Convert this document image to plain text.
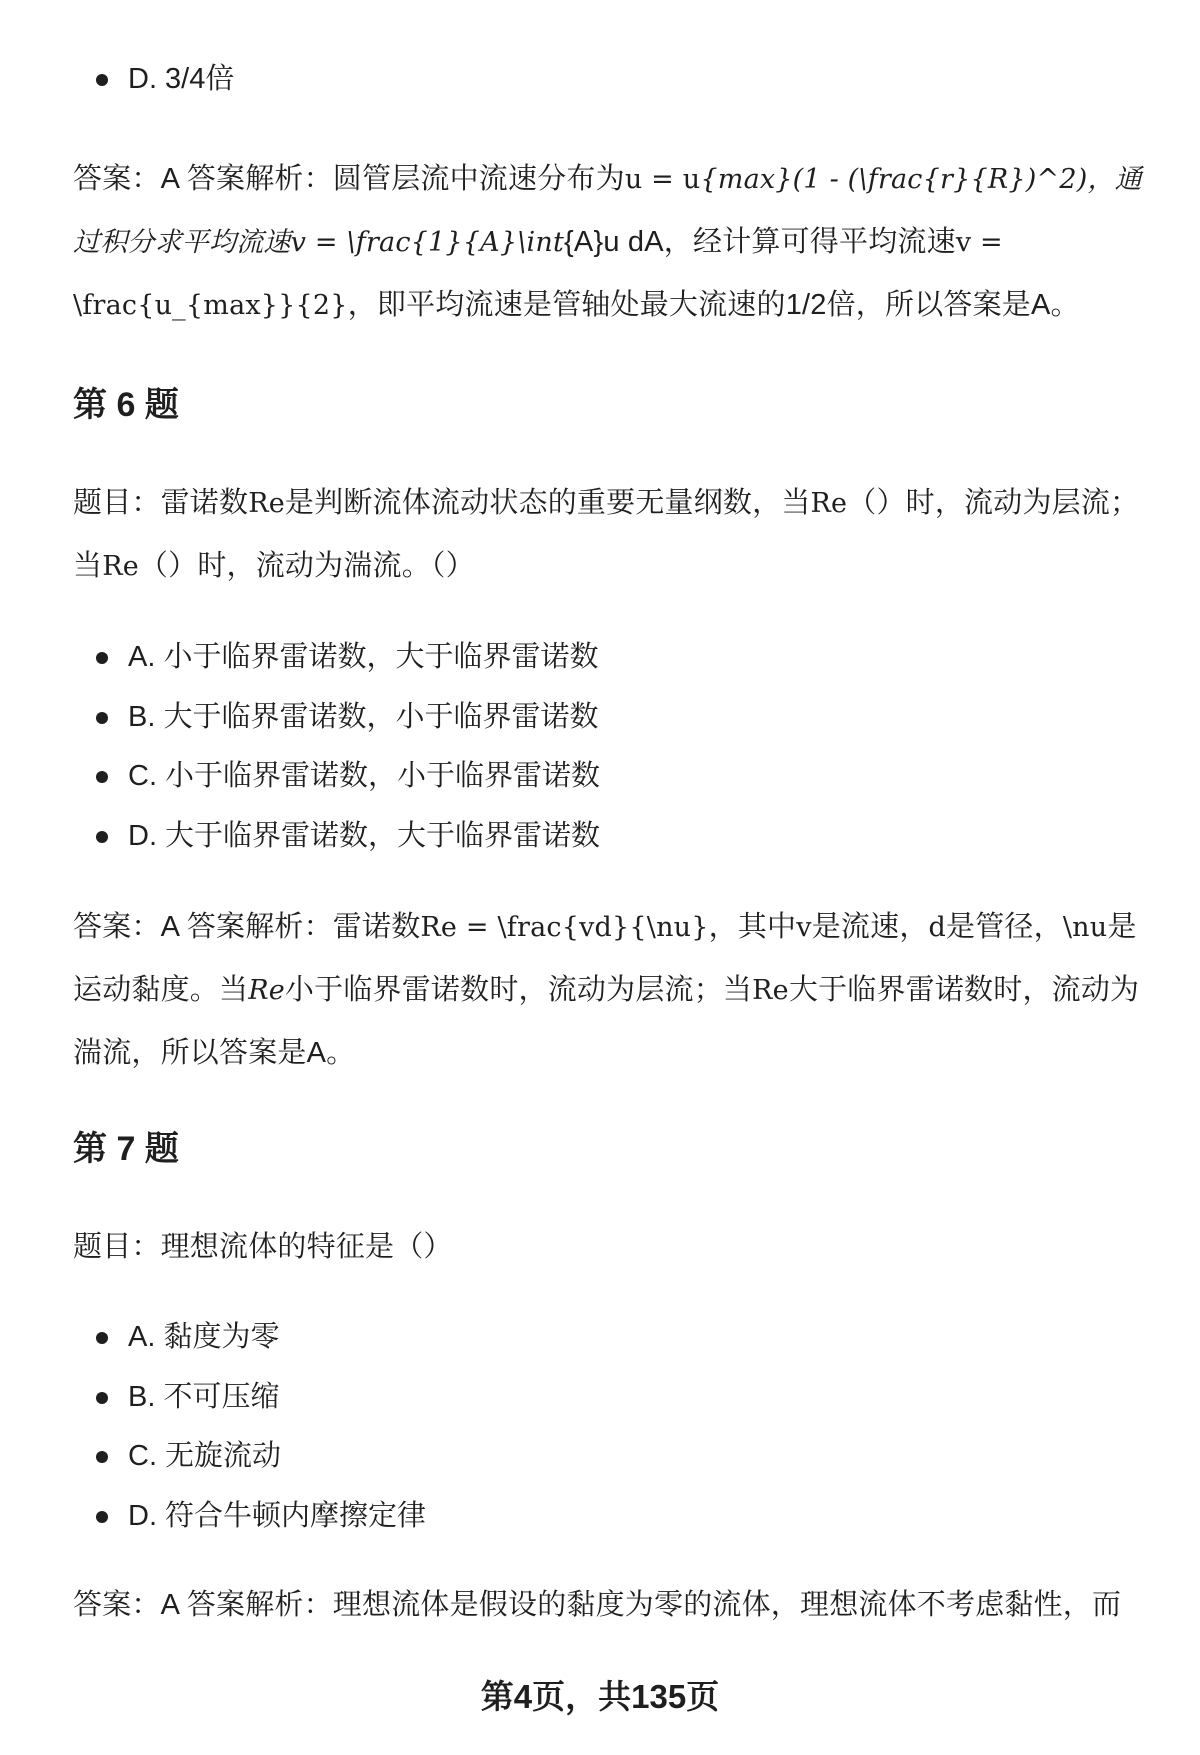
D. 3/4倍

答案：A 答案解析：圆管层流中流速分布为u = u{max}(1 - (\frac{r}{R})^2)，通过积分求平均流速v = \frac{1}{A}\int{A}u dA，经计算可得平均流速v = \frac{u_{max}}{2}，即平均流速是管轴处最大流速的1/2倍，所以答案是A。

第 6 题

题目：雷诺数Re是判断流体流动状态的重要无量纲数，当Re（）时，流动为层流；当Re（）时，流动为湍流。（）

A. 小于临界雷诺数，大于临界雷诺数
B. 大于临界雷诺数，小于临界雷诺数
C. 小于临界雷诺数，小于临界雷诺数
D. 大于临界雷诺数，大于临界雷诺数

答案：A 答案解析：雷诺数Re = \frac{vd}{\nu}，其中v是流速，d是管径，\nu是运动黏度。当Re小于临界雷诺数时，流动为层流；当Re大于临界雷诺数时，流动为湍流，所以答案是A。

第 7 题

题目：理想流体的特征是（）

A. 黏度为零
B. 不可压缩
C. 无旋流动
D. 符合牛顿内摩擦定律

答案：A 答案解析：理想流体是假设的黏度为零的流体，理想流体不考虑黏性，而

第4页，共135页
